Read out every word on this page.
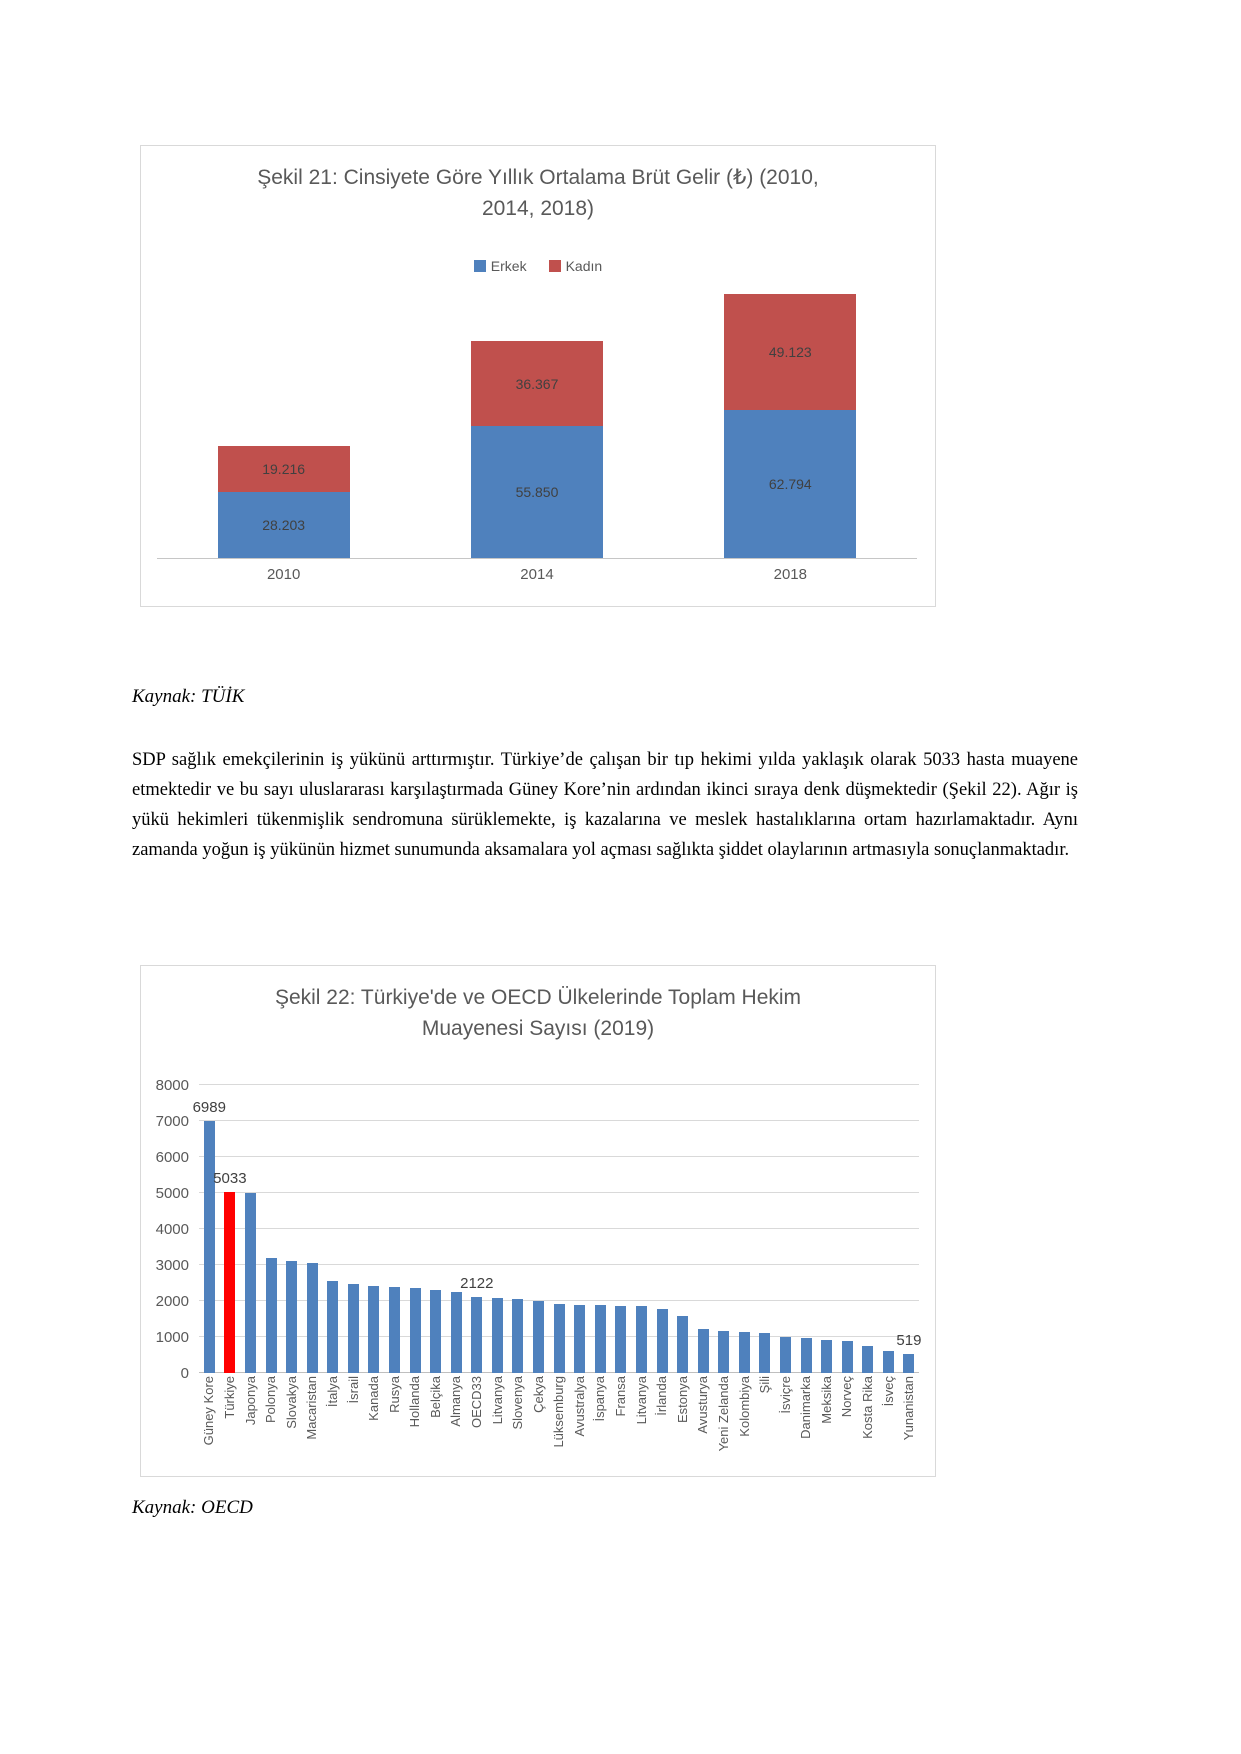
Şekil 21: Cinsiyete Göre Yıllık Ortalama Brüt Gelir (₺) (2010,
2014, 2018)
Erkek	Kadın
19.216
28.203
36.367
55.850
49.123
62.794
2010	2014	2018

Kaynak: TÜİK

SDP sağlık emekçilerinin iş yükünü arttırmıştır. Türkiye’de çalışan bir tıp hekimi yılda yaklaşık olarak 5033 hasta muayene etmektedir ve bu sayı uluslararası karşılaştırmada Güney Kore’nin ardından ikinci sıraya denk düşmektedir (Şekil 22). Ağır iş yükü hekimleri tükenmişlik sendromuna sürüklemekte, iş kazalarına ve meslek hastalıklarına ortam hazırlamaktadır. Aynı zamanda yoğun iş yükünün hizmet sunumunda aksamalara yol açması sağlıkta şiddet olaylarının artmasıyla sonuçlanmaktadır.

Şekil 22: Türkiye'de ve OECD Ülkelerinde Toplam Hekim
Muayenesi Sayısı (2019)
0
1000
2000
3000
4000
5000
6000
7000
8000
6989
5033
2122
519
Güney Kore Türkiye Japonya Polonya Slovakya Macaristan İtalya İsrail Kanada Rusya Hollanda Belçika Almanya OECD33 Litvanya Slovenya Çekya Lüksemburg Avustralya İspanya Fransa Litvanya İrlanda Estonya Avusturya Yeni Zelanda Kolombiya Şili İsviçre Danimarka Meksika Norveç Kosta Rika İsveç Yunanistan

Kaynak: OECD
